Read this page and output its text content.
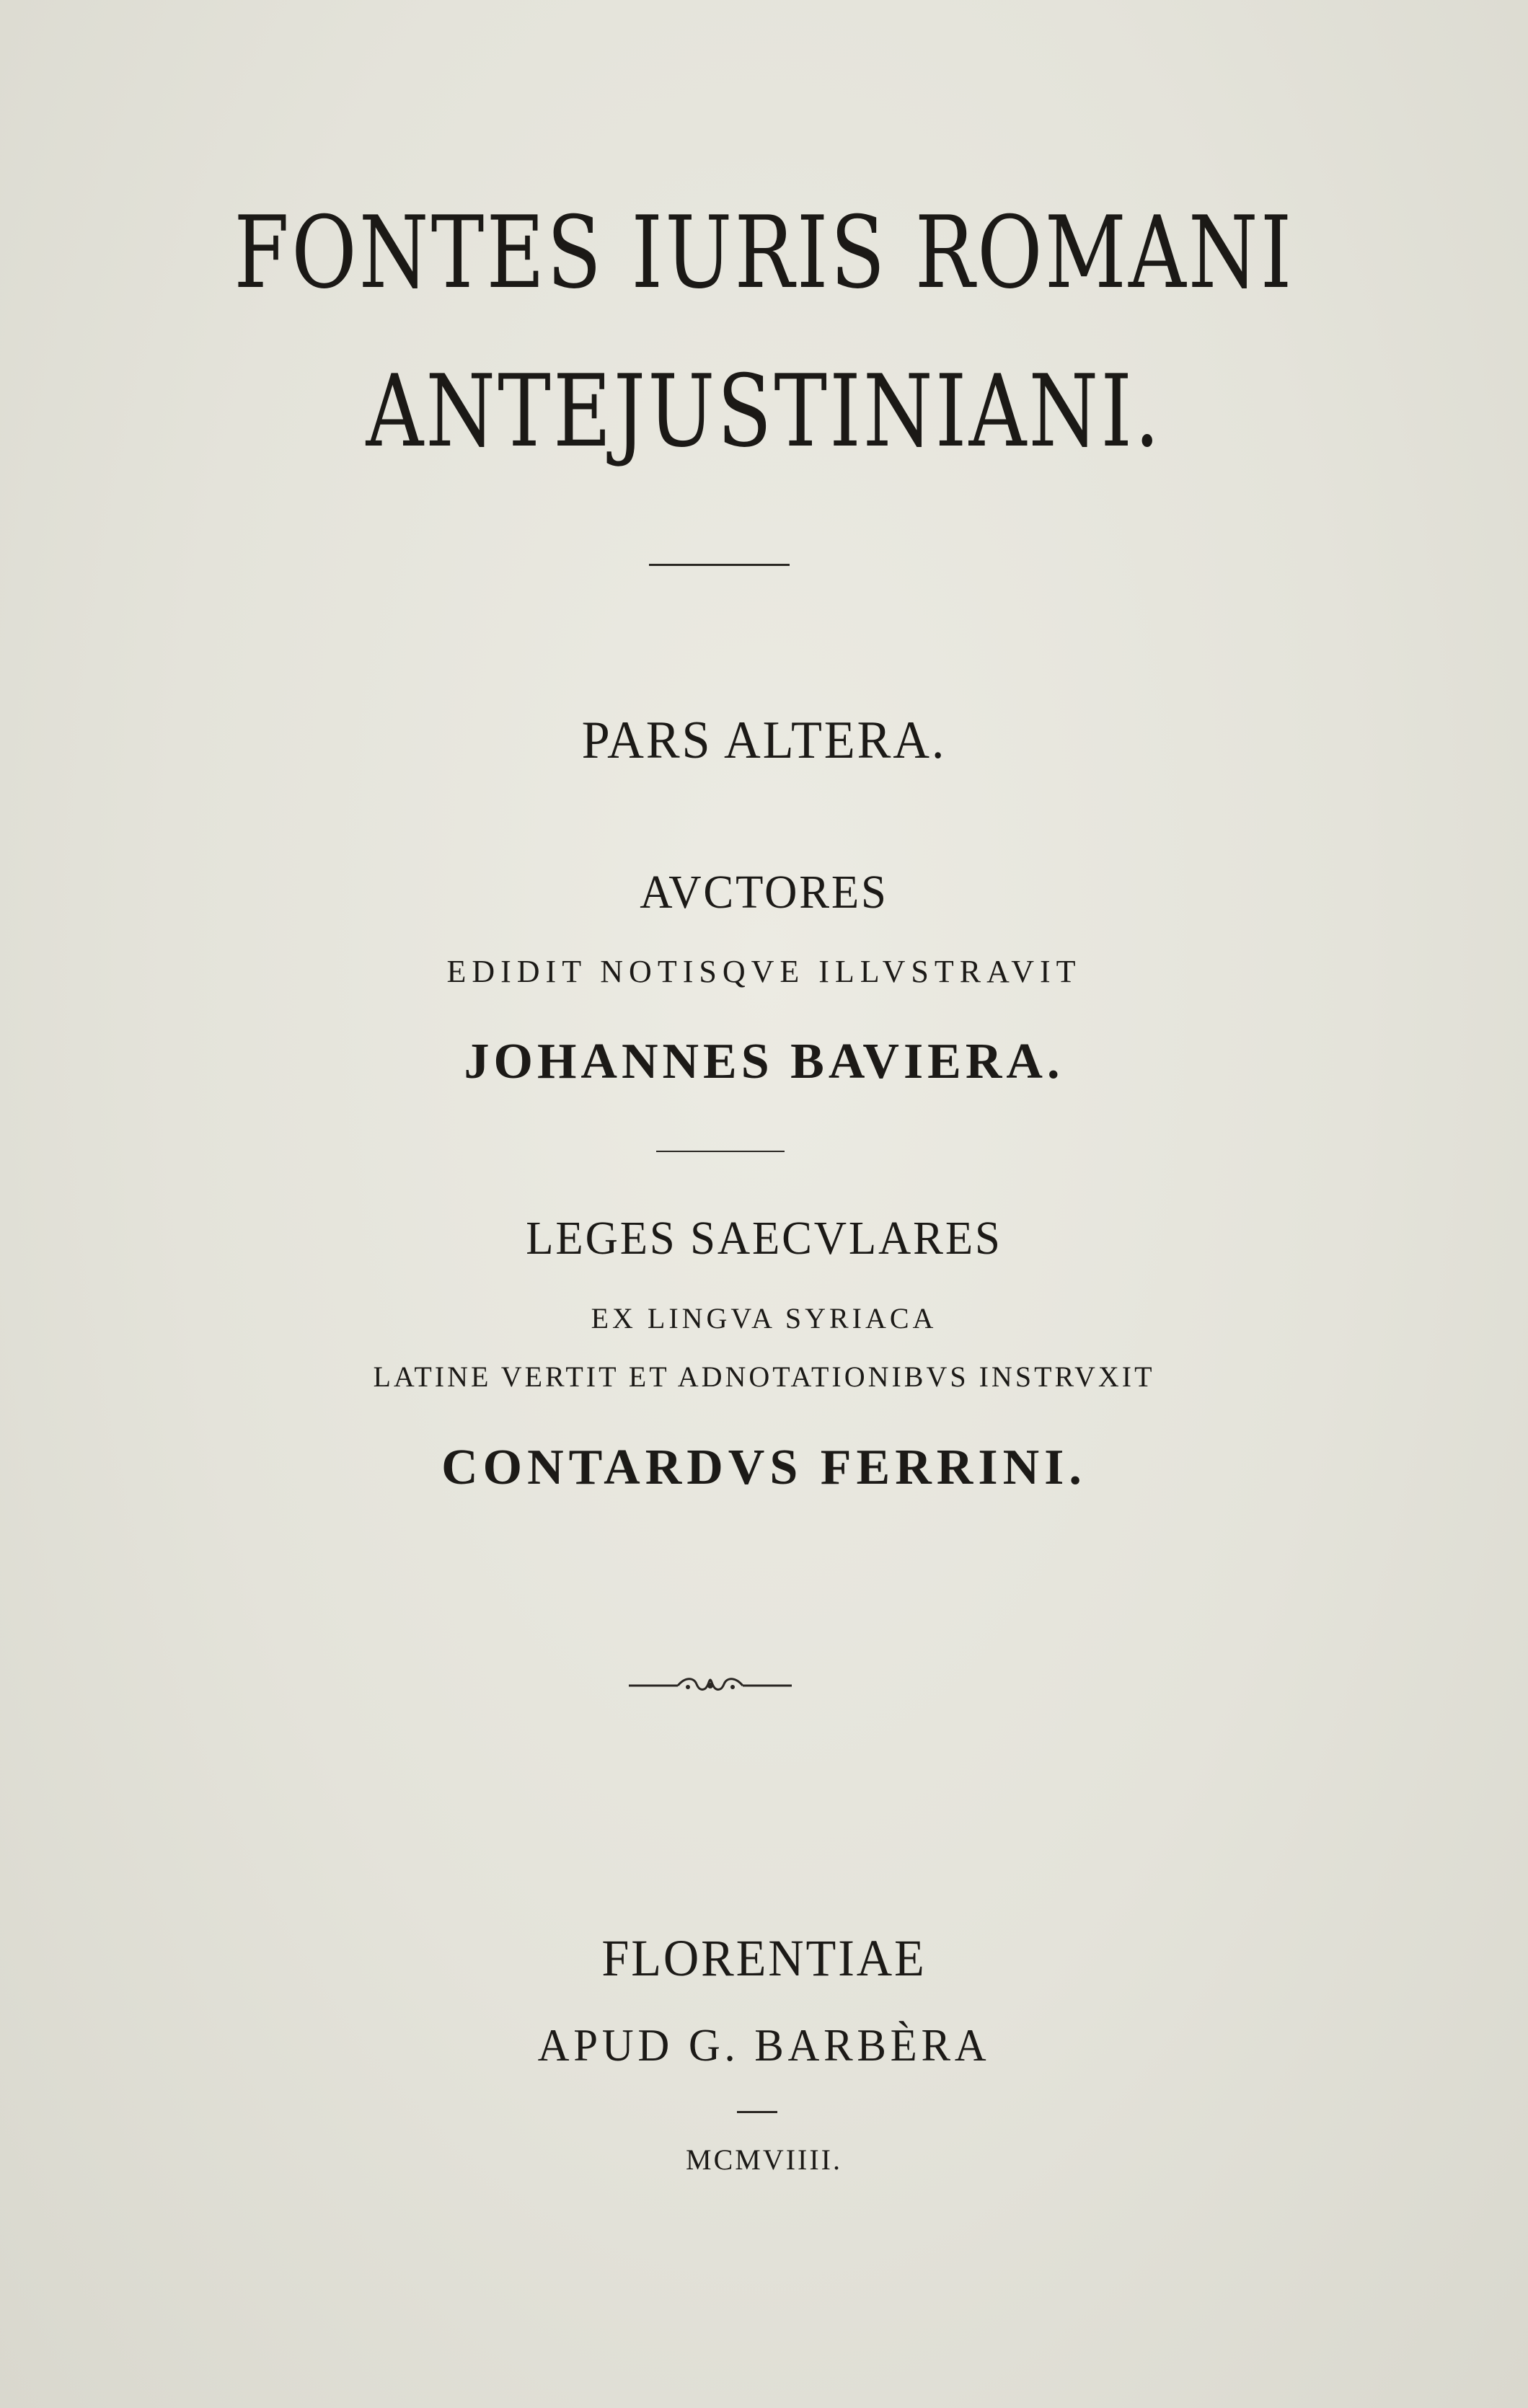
FONTES IURIS ROMANI
ANTEJUSTINIANI.
PARS ALTERA.
AVCTORES
EDIDIT NOTISQVE ILLVSTRAVIT
JOHANNES BAVIERA.
LEGES SAECVLARES
EX LINGVA SYRIACA
LATINE VERTIT ET ADNOTATIONIBVS INSTRVXIT
CONTARDVS FERRINI.
FLORENTIAE
APUD G. BARBÈRA
MCMVIIII.
